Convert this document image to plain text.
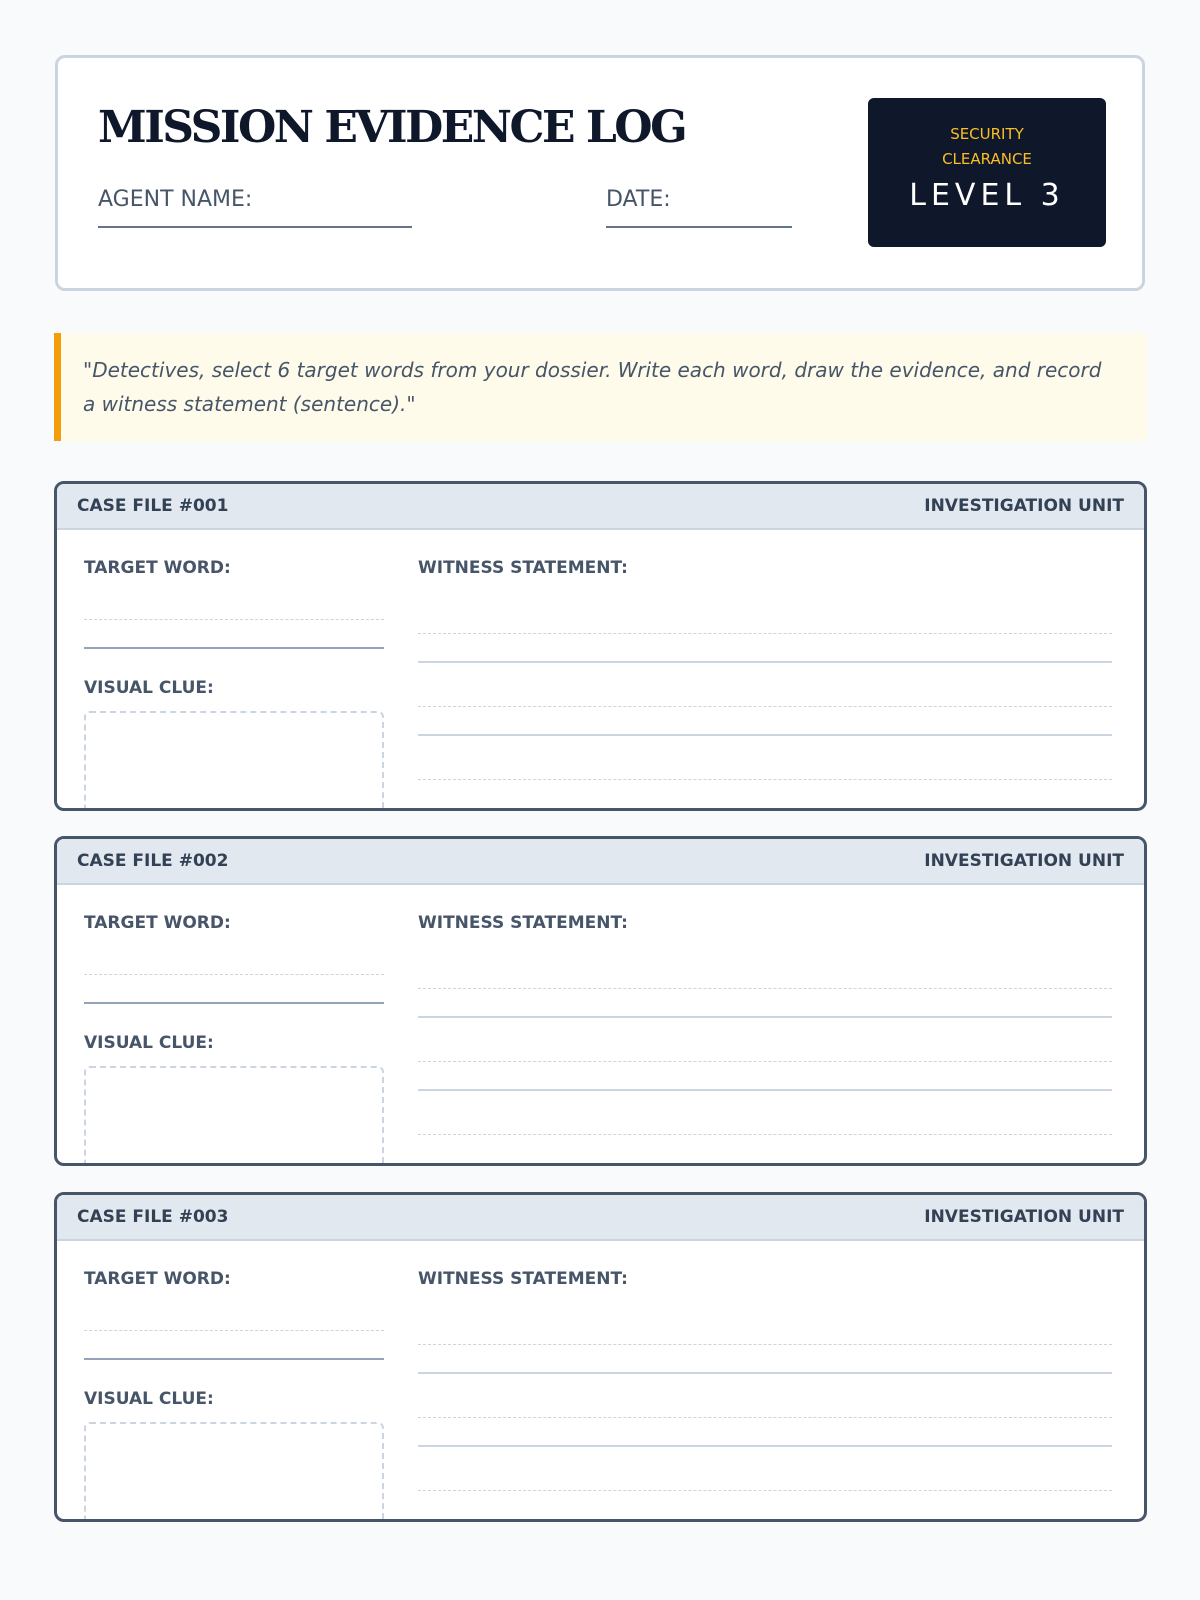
MISSION EVIDENCE LOG
AGENT NAME:	DATE:
SECURITY CLEARANCE
LEVEL 3
"Detectives, select 6 target words from your dossier. Write each word, draw the evidence, and record a witness statement (sentence)."
CASE FILE #001	INVESTIGATION UNIT
TARGET WORD:
VISUAL CLUE:
WITNESS STATEMENT:
CASE FILE #002	INVESTIGATION UNIT
TARGET WORD:
VISUAL CLUE:
WITNESS STATEMENT:
CASE FILE #003	INVESTIGATION UNIT
TARGET WORD:
VISUAL CLUE:
WITNESS STATEMENT:
